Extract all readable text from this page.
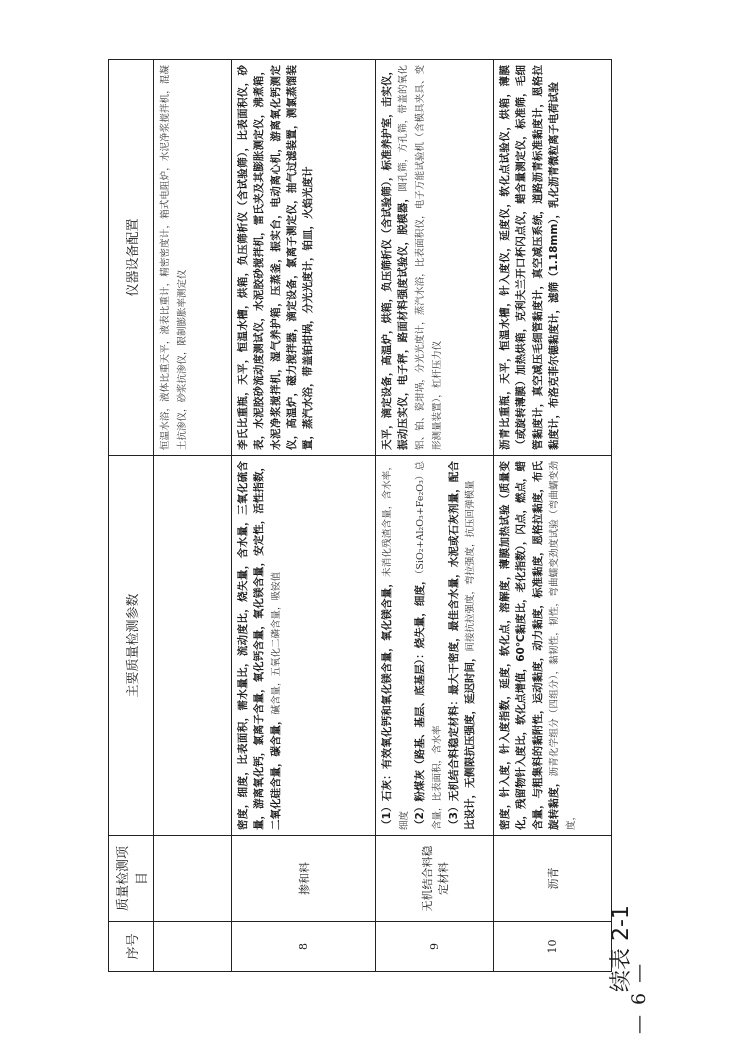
— 6 —
续表 2-1
序号	质量检测项目	主要质量检测参数	仪器设备配置
			恒温水浴，液体比重天平，液表比重计，精密密度计，箱式电阻炉，水泥净浆搅拌机，混凝土抗渗仪，砂浆抗渗仪，限制膨胀率测定仪
8	掺和料	密度，细度，比表面积，需水量比，流动度比，烧失量，含水量，三氧化硫含量，游离氧化钙，氯离子含量，氧化钙含量，氧化镁含量，安定性，活性指数，二氧化硅含量，碳含量，碱含量，五氧化二磷含量，吸铵值	李氏比重瓶，天平，恒温水槽，烘箱，负压筛析仪（含试验筛），比表面积仪，砂表，水泥胶砂流动度测试仪，水泥胶砂搅拌机，雷氏夹及其膨胀测定仪，沸煮箱，水泥净浆搅拌机，湿气养护箱，压蒸釜，振实台，电动离心机，游离氧化钙测定仪，高温炉，磁力搅拌器，滴定设备，氯离子测定仪，抽气过滤装置，测氯蒸馏装置，蒸汽水浴，带盖铂坩埚，分光光度计，铂皿，火焰光度计
9	无机结合料稳定材料	（1）石灰：有效氧化钙和氧化镁含量，氧化镁含量，未消化残渣含量，含水率，细度 （2）粉煤灰（路基、基层、底基层）：烧失量，细度，（SiO₂+Al₂O₃+Fe₂O₃）总含量，比表面积，含水率 （3）无机结合料稳定材料：最大干密度，最佳含水量，水泥或石灰剂量，配合比设计，无侧限抗压强度，延迟时间，间接抗拉强度，弯拉强度，抗压回弹模量	天平，滴定设备，高温炉，烘箱，负压筛析仪（含试验筛），标准养护室，击实仪，振动压实仪，电子秤，路面材料强度试验仪，脱模器，圆孔筛，方孔筛，带盖的氧化铝、铂、瓷坩埚，分光光度计，蒸汽水浴，比表面积仪，电子万能试验机（含模具夹具、变形测量装置），杠杆压力仪
10	沥青	密度，针入度，针入度指数，延度，软化点，溶解度，薄膜加热试验（质量变化，残留物针入度比，软化点增值，60℃黏度比，老化指数），闪点，燃点，蜡含量，与粗集料的黏附性，运动黏度，动力黏度，标准黏度，恩格拉黏度，布氏旋转黏度，沥青化学组分（四组分），黏韧性，韧性，弯曲蠕变劲度试验（弯曲蠕变劲度，	沥青比重瓶，天平，恒温水槽，针入度仪，延度仪，软化点试验仪，烘箱，薄膜（或旋转薄膜）加热烘箱，克利夫兰开口杯闪点仪，蜡含量测定仪，标准筛，毛细管黏度计，真空减压毛细管黏度计，真空减压系统，道路沥青标准黏度计，恩格拉黏度计，布洛克菲尔德黏度计，滤筛（1.18mm），乳化沥青微粒离子电荷试验
